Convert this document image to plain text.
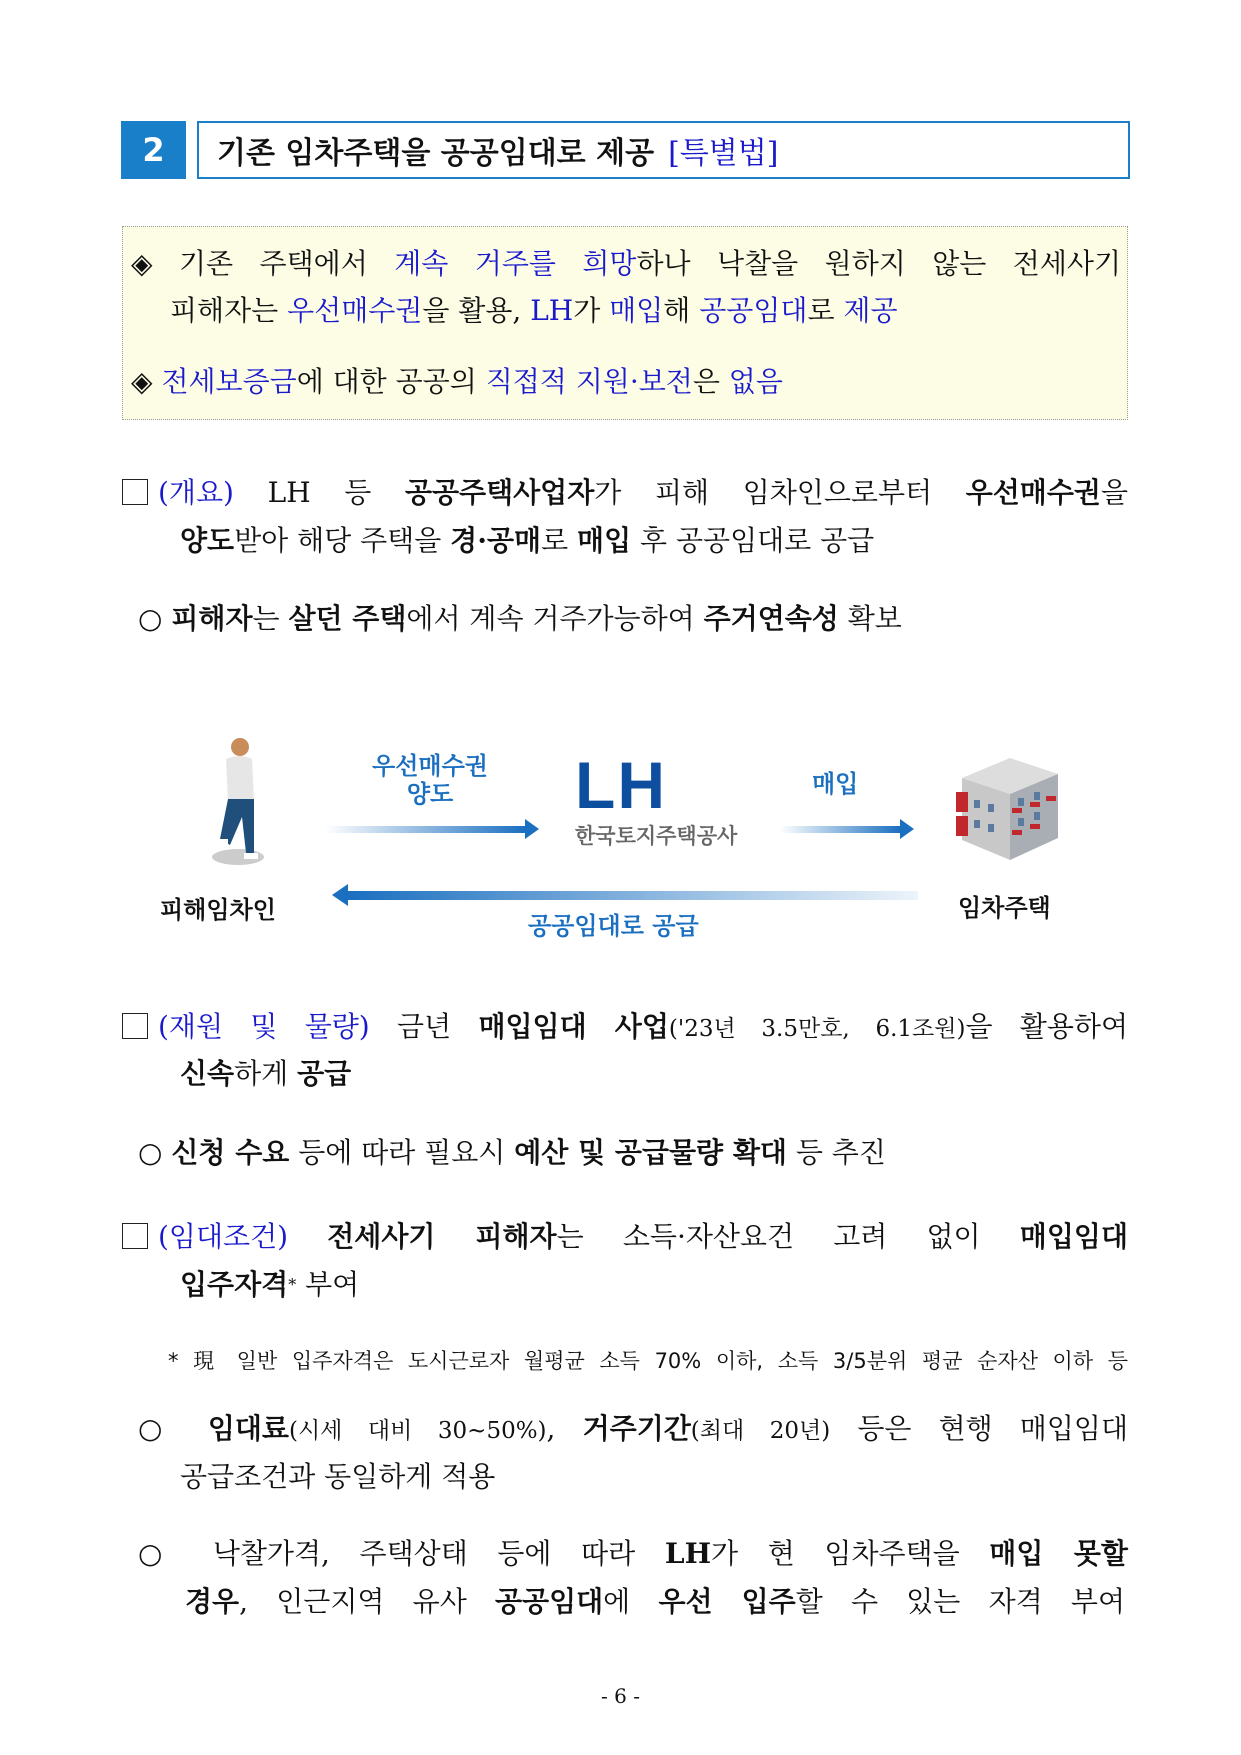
2	기존 임차주택을 공공임대로 제공 [특별법]
◈ 기존 주택에서 계속 거주를 희망하나 낙찰을 원하지 않는 전세사기
피해자는 우선매수권을 활용, LH가 매입해 공공임대로 제공
◈ 전세보증금에 대한 공공의 직접적 지원·보전은 없음
피해임차인
우선매수권
양도	LH
한국토지주택공사
매입
임차주택
공공임대로 공급
- 6 -
(개요) LH 등 공공주택사업자가 피해 임차인으로부터 우선매수권을
양도받아 해당 주택을 경·공매로 매입 후 공공임대로 공급
○ 피해자는 살던 주택에서 계속 거주가능하여 주거연속성 확보
(재원 및 물량) 금년 매입임대 사업('23년 3.5만호, 6.1조원)을 활용하여
신속하게 공급
○ 신청 수요 등에 따라 필요시 예산 및 공급물량 확대 등 추진
(임대조건) 전세사기 피해자는 소득·자산요건 고려 없이 매입임대
입주자격* 부여
* 現 일반 입주자격은 도시근로자 월평균 소득 70% 이하, 소득 3/5분위 평균 순자산 이하 등
○ 임대료(시세 대비 30~50%), 거주기간(최대 20년) 등은 현행 매입임대
공급조건과 동일하게 적용
○ 낙찰가격, 주택상태 등에 따라 LH가 현 임차주택을 매입 못할
경우, 인근지역 유사 공공임대에 우선 입주할 수 있는 자격 부여
